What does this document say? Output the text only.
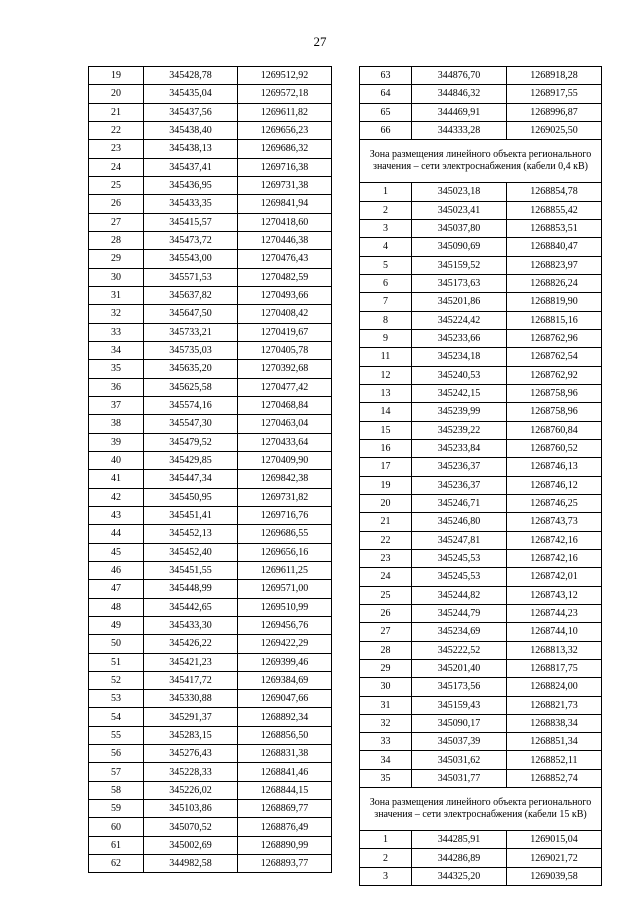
27
19	345428,78	1269512,92
20	345435,04	1269572,18
21	345437,56	1269611,82
22	345438,40	1269656,23
23	345438,13	1269686,32
24	345437,41	1269716,38
25	345436,95	1269731,38
26	345433,35	1269841,94
27	345415,57	1270418,60
28	345473,72	1270446,38
29	345543,00	1270476,43
30	345571,53	1270482,59
31	345637,82	1270493,66
32	345647,50	1270408,42
33	345733,21	1270419,67
34	345735,03	1270405,78
35	345635,20	1270392,68
36	345625,58	1270477,42
37	345574,16	1270468,84
38	345547,30	1270463,04
39	345479,52	1270433,64
40	345429,85	1270409,90
41	345447,34	1269842,38
42	345450,95	1269731,82
43	345451,41	1269716,76
44	345452,13	1269686,55
45	345452,40	1269656,16
46	345451,55	1269611,25
47	345448,99	1269571,00
48	345442,65	1269510,99
49	345433,30	1269456,76
50	345426,22	1269422,29
51	345421,23	1269399,46
52	345417,72	1269384,69
53	345330,88	1269047,66
54	345291,37	1268892,34
55	345283,15	1268856,50
56	345276,43	1268831,38
57	345228,33	1268841,46
58	345226,02	1268844,15
59	345103,86	1268869,77
60	345070,52	1268876,49
61	345002,69	1268890,99
62	344982,58	1268893,77
63	344876,70	1268918,28
64	344846,32	1268917,55
65	344469,91	1268996,87
66	344333,28	1269025,50
Зона размещения линейного объекта регионального значения – сети электроснабжения (кабели 0,4 кВ)		
1	345023,18	1268854,78
2	345023,41	1268855,42
3	345037,80	1268853,51
4	345090,69	1268840,47
5	345159,52	1268823,97
6	345173,63	1268826,24
7	345201,86	1268819,90
8	345224,42	1268815,16
9	345233,66	1268762,96
11	345234,18	1268762,54
12	345240,53	1268762,92
13	345242,15	1268758,96
14	345239,99	1268758,96
15	345239,22	1268760,84
16	345233,84	1268760,52
17	345236,37	1268746,13
19	345236,37	1268746,12
20	345246,71	1268746,25
21	345246,80	1268743,73
22	345247,81	1268742,16
23	345245,53	1268742,16
24	345245,53	1268742,01
25	345244,82	1268743,12
26	345244,79	1268744,23
27	345234,69	1268744,10
28	345222,52	1268813,32
29	345201,40	1268817,75
30	345173,56	1268824,00
31	345159,43	1268821,73
32	345090,17	1268838,34
33	345037,39	1268851,34
34	345031,62	1268852,11
35	345031,77	1268852,74
Зона размещения линейного объекта регионального значения – сети электроснабжения (кабели 15 кВ)		
1	344285,91	1269015,04
2	344286,89	1269021,72
3	344325,20	1269039,58
